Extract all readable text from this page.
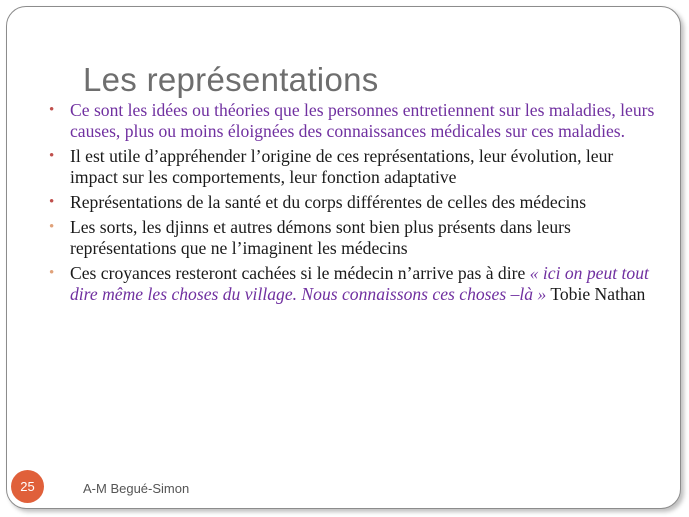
Les représentations
• Ce sont les idées ou théories que les personnes entretiennent sur les maladies, leurs causes, plus ou moins éloignées des connaissances médicales sur ces maladies.
• Il est utile d’appréhender l’origine de ces représentations, leur évolution, leur impact sur les comportements, leur fonction adaptative
• Représentations de la santé et du corps différentes de celles des médecins
• Les sorts, les djinns et autres démons sont bien plus présents dans leurs représentations que ne l’imaginent les médecins
• Ces croyances resteront cachées si le médecin n’arrive pas à dire « ici on peut tout dire même les choses du village. Nous connaissons ces choses –là » Tobie Nathan
A-M Begué-Simon
25
